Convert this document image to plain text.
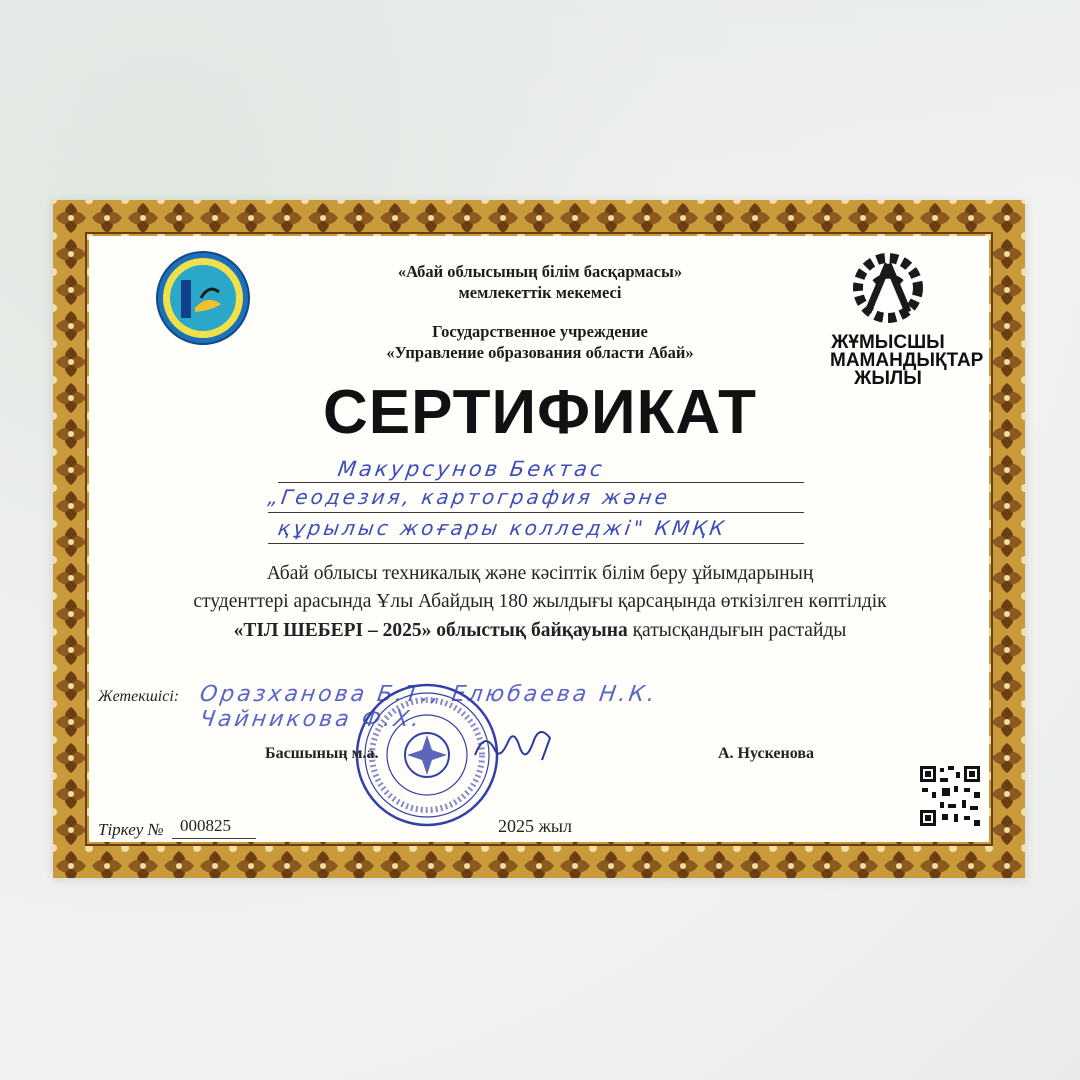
ЖҰМЫСШЫ
МАМАНДЫҚТАР
ЖЫЛЫ
«Абай облысының білім басқармасы»
мемлекеттік мекемесі
Государственное учреждение
«Управление образования области Абай»
СЕРТИФИКАТ
Макурсунов Бектас
„Геодезия, картография және
құрылыс жоғары колледжі" КМҚК
Абай облысы техникалық және кәсіптік білім беру ұйымдарының
студенттері арасында Ұлы Абайдың 180 жылдығы қарсаңында өткізілген көптілдік
«ТІЛ ШЕБЕРІ – 2025» облыстық байқауына қатысқандығын растайды
Жетекшісі: Оразханова Б.Т., Елюбаева Н.К.
Чайникова Ф.Х.
Басшының м.а.	А. Нускенова
Тіркеу № 000825	2025 жыл
